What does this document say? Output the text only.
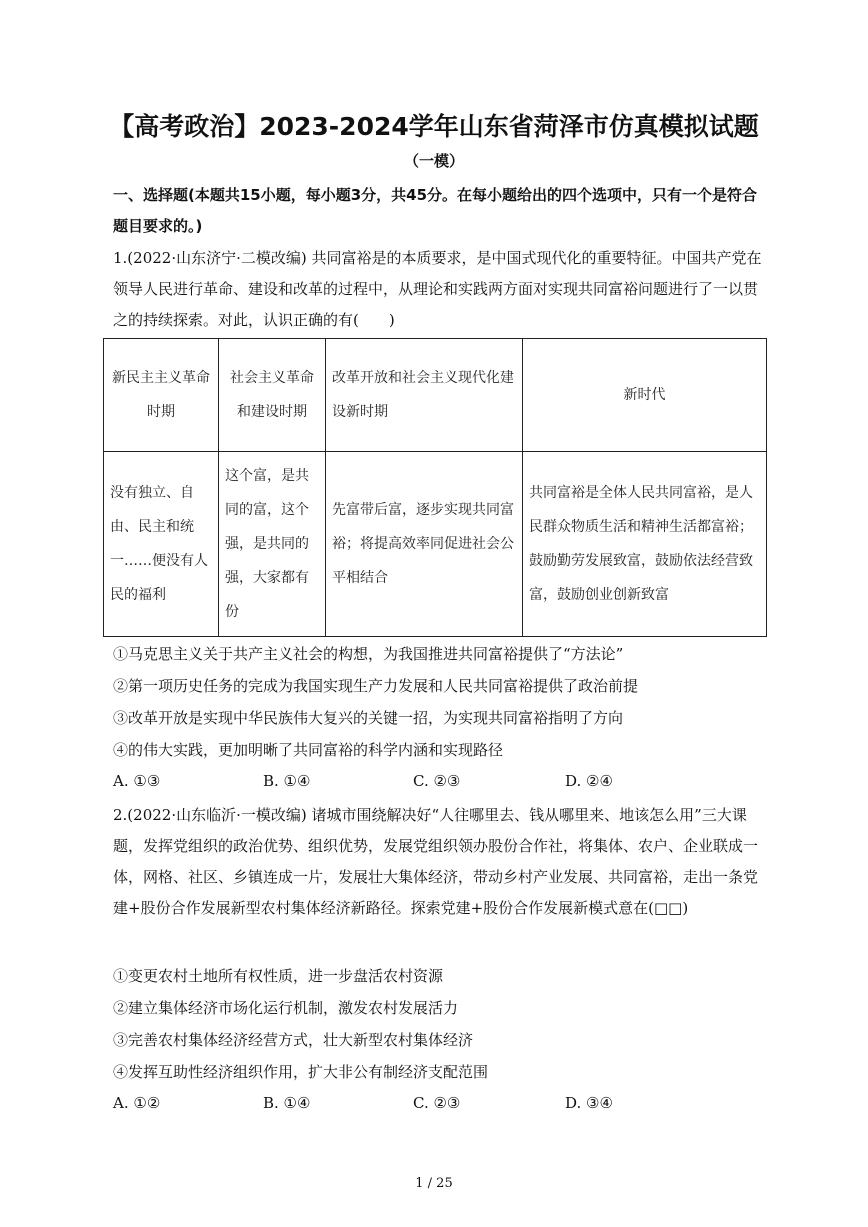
【高考政治】2023-2024学年山东省菏泽市仿真模拟试题
（一模）
一、选择题(本题共15小题，每小题3分，共45分。在每小题给出的四个选项中，只有一个是符合题目要求的。)
1.(2022·山东济宁·二模改编) 共同富裕是的本质要求，是中国式现代化的重要特征。中国共产党在领导人民进行革命、建设和改革的过程中，从理论和实践两方面对实现共同富裕问题进行了一以贯之的持续探索。对此，认识正确的有(　　)
新民主主义革命时期	社会主义革命和建设时期	改革开放和社会主义现代化建设新时期	新时代
没有独立、自由、民主和统一……便没有人民的福利	这个富，是共同的富，这个强，是共同的强，大家都有份	先富带后富，逐步实现共同富裕；将提高效率同促进社会公平相结合	共同富裕是全体人民共同富裕，是人民群众物质生活和精神生活都富裕；鼓励勤劳发展致富，鼓励依法经营致富，鼓励创业创新致富
①马克思主义关于共产主义社会的构想，为我国推进共同富裕提供了“方法论”
②第一项历史任务的完成为我国实现生产力发展和人民共同富裕提供了政治前提
③改革开放是实现中华民族伟大复兴的关键一招，为实现共同富裕指明了方向
④的伟大实践，更加明晰了共同富裕的科学内涵和实现路径
A. ①③	B. ①④	C. ②③	D. ②④
2.(2022·山东临沂·一模改编) 诸城市围绕解决好“人往哪里去、钱从哪里来、地该怎么用”三大课题，发挥党组织的政治优势、组织优势，发展党组织领办股份合作社，将集体、农户、企业联成一体，网格、社区、乡镇连成一片，发展壮大集体经济，带动乡村产业发展、共同富裕，走出一条党建+股份合作发展新型农村集体经济新路径。探索党建+股份合作发展新模式意在(□□)
①变更农村土地所有权性质，进一步盘活农村资源
②建立集体经济市场化运行机制，激发农村发展活力
③完善农村集体经济经营方式，壮大新型农村集体经济
④发挥互助性经济组织作用，扩大非公有制经济支配范围
A. ①②	B. ①④	C. ②③	D. ③④
1 / 25
